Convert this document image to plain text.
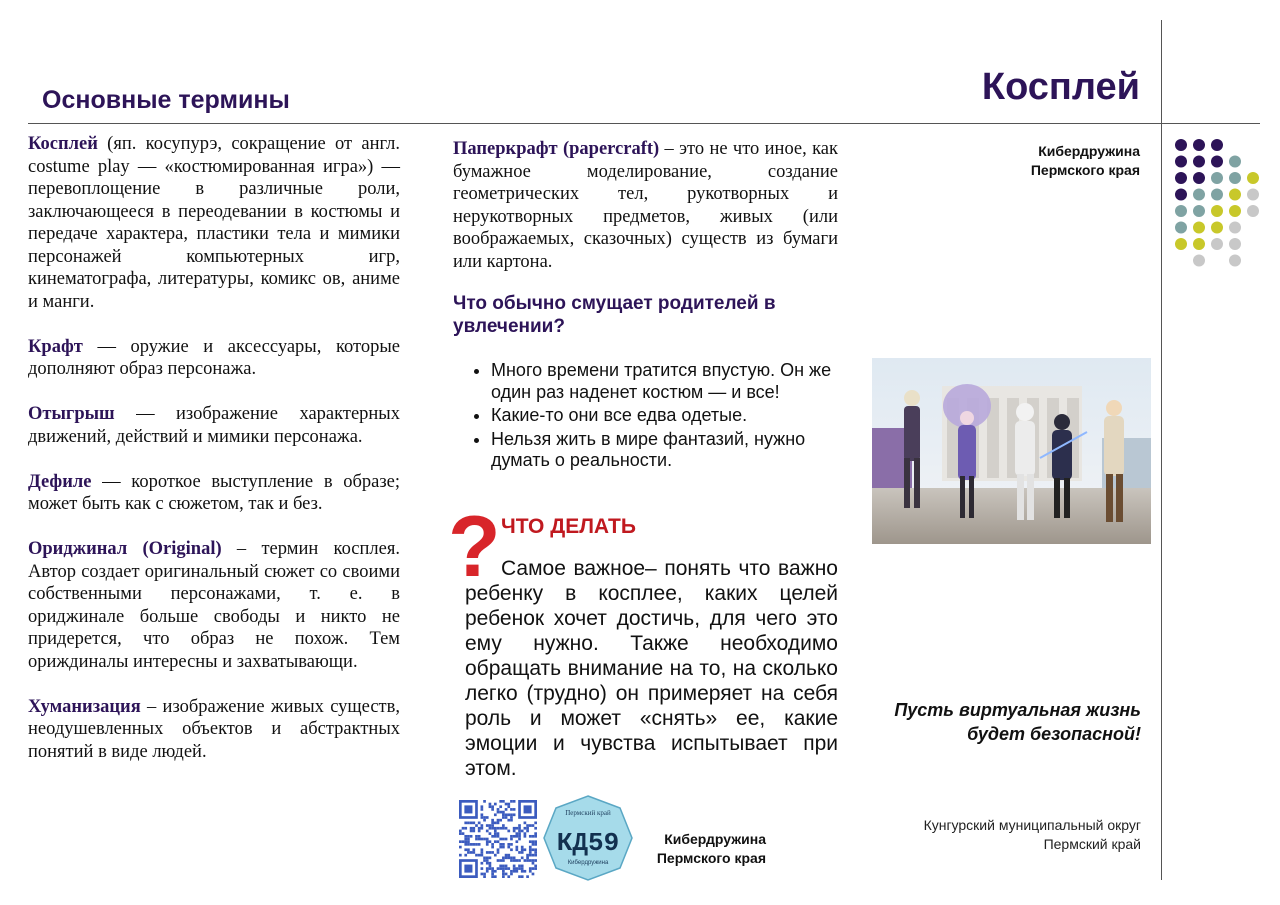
Основные термины	Косплей
Кибердружина
Пермского края

Косплей (яп. косупурэ, сокращение от англ. costume play — «костюмированная игра») — перевоплощение в различные роли, заключающееся в переодевании в костюмы и передаче характера, пластики тела и мимики персонажей компьютерных игр, кинематографа, литературы, комикс ов, аниме и манги.

Крафт — оружие и аксессуары, которые дополняют образ персонажа.

Отыгрыш — изображение характерных движений, действий и мимики персонажа.

Дефиле — короткое выступление в образе; может быть как с сюжетом, так и без.

Ориджинал (Original) – термин косплея. Автор создает оригинальный сюжет со своими собственными персонажами, т. е. в ориджинале больше свободы и никто не придерется, что образ не похож. Тем ориждиналы интересны и захватывающи.

Хуманизация – изображение живых существ, неодушевленных объектов и абстрактных понятий в виде людей.

Паперкрафт (papercraft) – это не что иное, как бумажное моделирование, создание геометрических тел, рукотворных и нерукотворных предметов, живых (или воображаемых, сказочных) существ из бумаги или картона.

Что обычно смущает родителей в увлечении?
• Много времени тратится впустую. Он же один раз наденет костюм — и все!
• Какие-то они все едва одетые.
• Нельзя жить в мире фантазий, нужно думать о реальности.
? ЧТО ДЕЛАТЬ

Самое важное– понять что важно ребенку в косплее, каких целей ребенок хочет достичь, для чего это ему нужно. Также необходимо обращать внимание на то, на сколько легко (трудно) он примеряет на себя роль и может «снять» ее, какие эмоции и чувства испытывает при этом.

Пермский край
КД59
Кибердружина
Кибердружина
Пермского края
Пусть виртуальная жизнь
будет безопасной!
Кунгурский муниципальный округ
Пермский край
